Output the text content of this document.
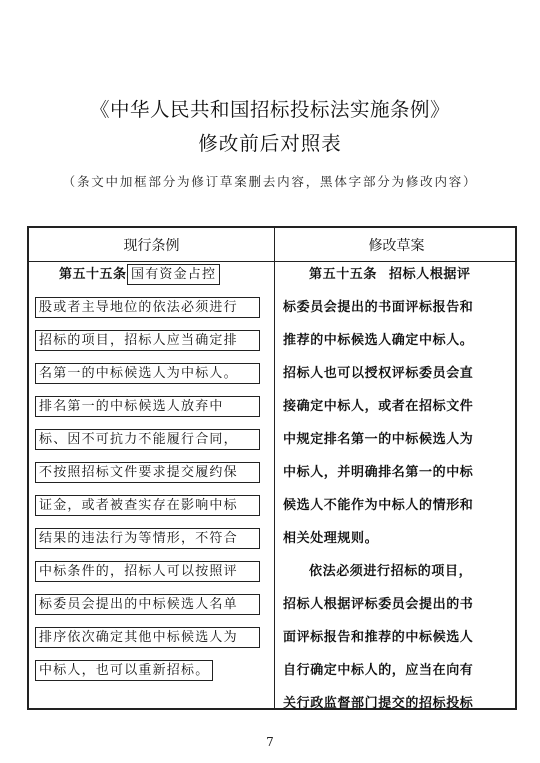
《中华人民共和国招标投标法实施条例》
修改前后对照表
（条文中加框部分为修订草案删去内容，黑体字部分为修改内容）
现行条例	修改草案
第五十五条 国有资金占控
股或者主导地位的依法必须进行
招标的项目，招标人应当确定排
名第一的中标候选人为中标人。
排名第一的中标候选人放弃中
标、因不可抗力不能履行合同，
不按照招标文件要求提交履约保
证金，或者被查实存在影响中标
结果的违法行为等情形，不符合
中标条件的，招标人可以按照评
标委员会提出的中标候选人名单
排序依次确定其他中标候选人为
中标人，也可以重新招标。
第五十五条 招标人根据评
标委员会提出的书面评标报告和
推荐的中标候选人确定中标人。
招标人也可以授权评标委员会直
接确定中标人，或者在招标文件
中规定排名第一的中标候选人为
中标人，并明确排名第一的中标
候选人不能作为中标人的情形和
相关处理规则。
依法必须进行招标的项目，
招标人根据评标委员会提出的书
面评标报告和推荐的中标候选人
自行确定中标人的，应当在向有
关行政监督部门提交的招标投标
7
